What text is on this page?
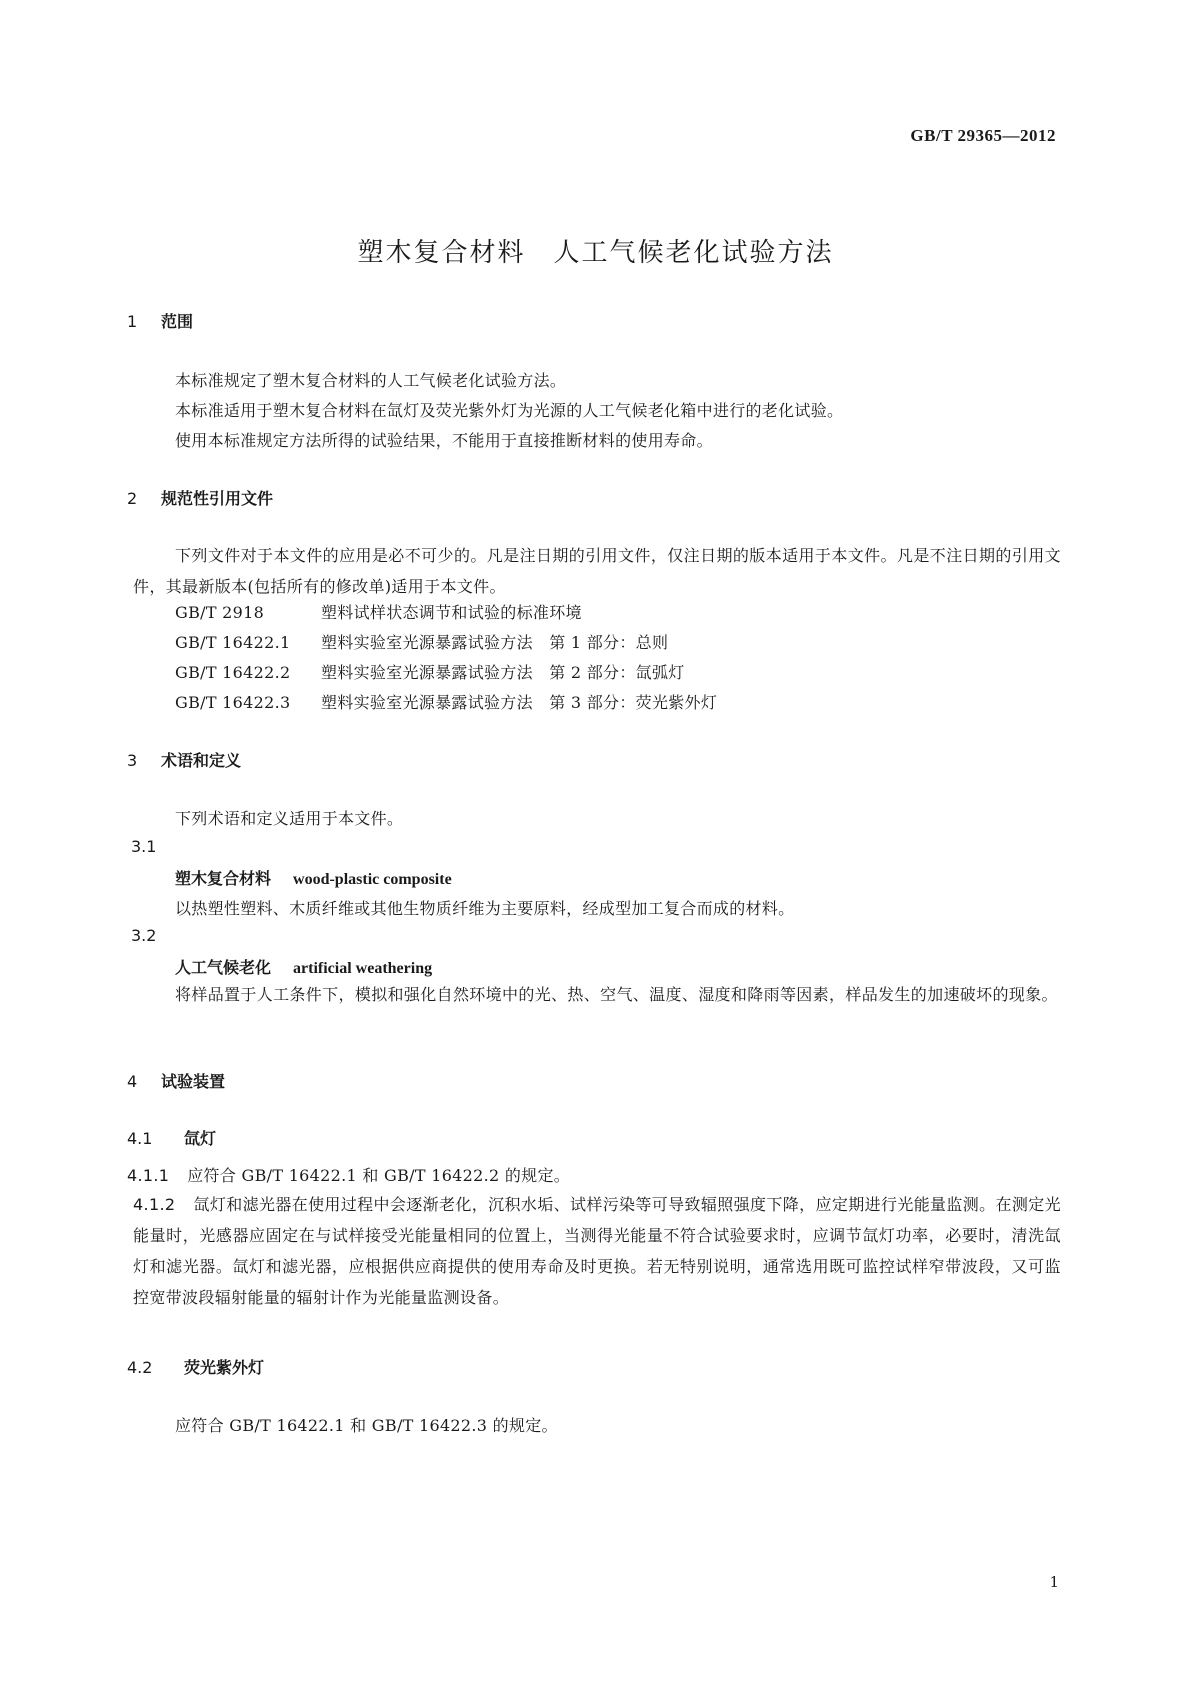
GB/T 29365—2012
塑木复合材料　人工气候老化试验方法
1 范围
本标准规定了塑木复合材料的人工气候老化试验方法。
本标准适用于塑木复合材料在氙灯及荧光紫外灯为光源的人工气候老化箱中进行的老化试验。
使用本标准规定方法所得的试验结果，不能用于直接推断材料的使用寿命。
2 规范性引用文件
下列文件对于本文件的应用是必不可少的。凡是注日期的引用文件，仅注日期的版本适用于本文件。凡是不注日期的引用文件，其最新版本(包括所有的修改单)适用于本文件。
GB/T 2918	塑料试样状态调节和试验的标准环境
GB/T 16422.1 塑料实验室光源暴露试验方法　第 1 部分：总则
GB/T 16422.2 塑料实验室光源暴露试验方法　第 2 部分：氙弧灯
GB/T 16422.3 塑料实验室光源暴露试验方法　第 3 部分：荧光紫外灯
3 术语和定义
下列术语和定义适用于本文件。
3.1
塑木复合材料 wood-plastic composite
以热塑性塑料、木质纤维或其他生物质纤维为主要原料，经成型加工复合而成的材料。
3.2
人工气候老化 artificial weathering
将样品置于人工条件下，模拟和强化自然环境中的光、热、空气、温度、湿度和降雨等因素，样品发生的加速破坏的现象。
4 试验装置
4.1 氙灯
4.1.1 应符合 GB/T 16422.1 和 GB/T 16422.2 的规定。
4.1.2 氙灯和滤光器在使用过程中会逐渐老化，沉积水垢、试样污染等可导致辐照强度下降，应定期进行光能量监测。在测定光能量时，光感器应固定在与试样接受光能量相同的位置上，当测得光能量不符合试验要求时，应调节氙灯功率，必要时，清洗氙灯和滤光器。氙灯和滤光器，应根据供应商提供的使用寿命及时更换。若无特别说明，通常选用既可监控试样窄带波段，又可监控宽带波段辐射能量的辐射计作为光能量监测设备。
4.2 荧光紫外灯
应符合 GB/T 16422.1 和 GB/T 16422.3 的规定。
1
